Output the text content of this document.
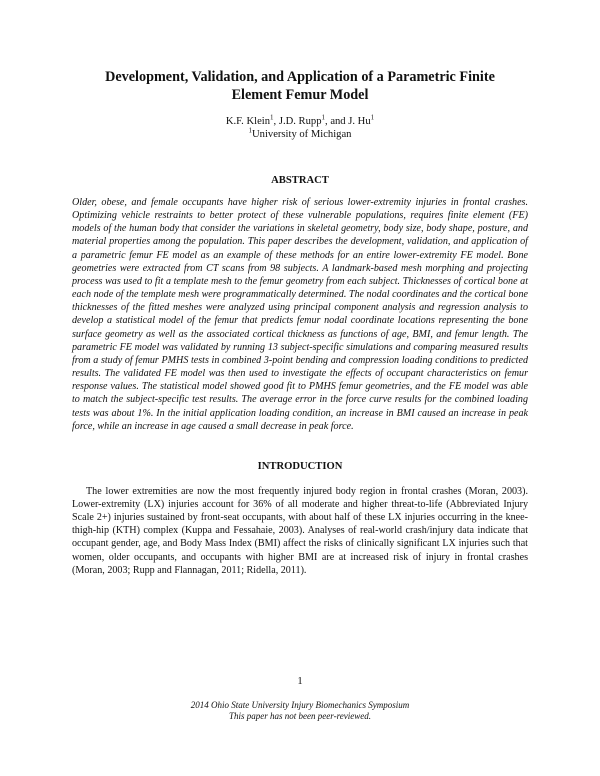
Development, Validation, and Application of a Parametric Finite Element Femur Model
K.F. Klein$^1$, J.D. Rupp$^1$, and J. Hu$^1$
$^1$University of Michigan
ABSTRACT
Older, obese, and female occupants have higher risk of serious lower-extremity injuries in frontal crashes. Optimizing vehicle restraints to better protect of these vulnerable populations, requires finite element (FE) models of the human body that consider the variations in skeletal geometry, body size, body shape, posture, and material properties among the population. This paper describes the development, validation, and application of a parametric femur FE model as an example of these methods for an entire lower-extremity FE model. Bone geometries were extracted from CT scans from 98 subjects. A landmark-based mesh morphing and projecting process was used to fit a template mesh to the femur geometry from each subject. Thicknesses of cortical bone at each node of the template mesh were programmatically determined. The nodal coordinates and the cortical bone thicknesses of the fitted meshes were analyzed using principal component analysis and regression analysis to develop a statistical model of the femur that predicts femur nodal coordinate locations representing the bone surface geometry as well as the associated cortical thickness as functions of age, BMI, and femur length. The parametric FE model was validated by running 13 subject-specific simulations and comparing measured results from a study of femur PMHS tests in combined 3-point bending and compression loading conditions to predicted results. The validated FE model was then used to investigate the effects of occupant characteristics on femur response values. The statistical model showed good fit to PMHS femur geometries, and the FE model was able to match the subject-specific test results. The average error in the force curve results for the combined loading tests was about 1%. In the initial application loading condition, an increase in BMI caused an increase in peak force, while an increase in age caused a small decrease in peak force.
INTRODUCTION
The lower extremities are now the most frequently injured body region in frontal crashes (Moran, 2003). Lower-extremity (LX) injuries account for 36% of all moderate and higher threat-to-life (Abbreviated Injury Scale 2+) injuries sustained by front-seat occupants, with about half of these LX injuries occurring in the knee-thigh-hip (KTH) complex (Kuppa and Fessahaie, 2003). Analyses of real-world crash/injury data indicate that occupant gender, age, and Body Mass Index (BMI) affect the risks of clinically significant LX injuries such that women, older occupants, and occupants with higher BMI are at increased risk of injury in frontal crashes (Moran, 2003; Rupp and Flannagan, 2011; Ridella, 2011).
1
2014 Ohio State University Injury Biomechanics Symposium
This paper has not been peer-reviewed.
